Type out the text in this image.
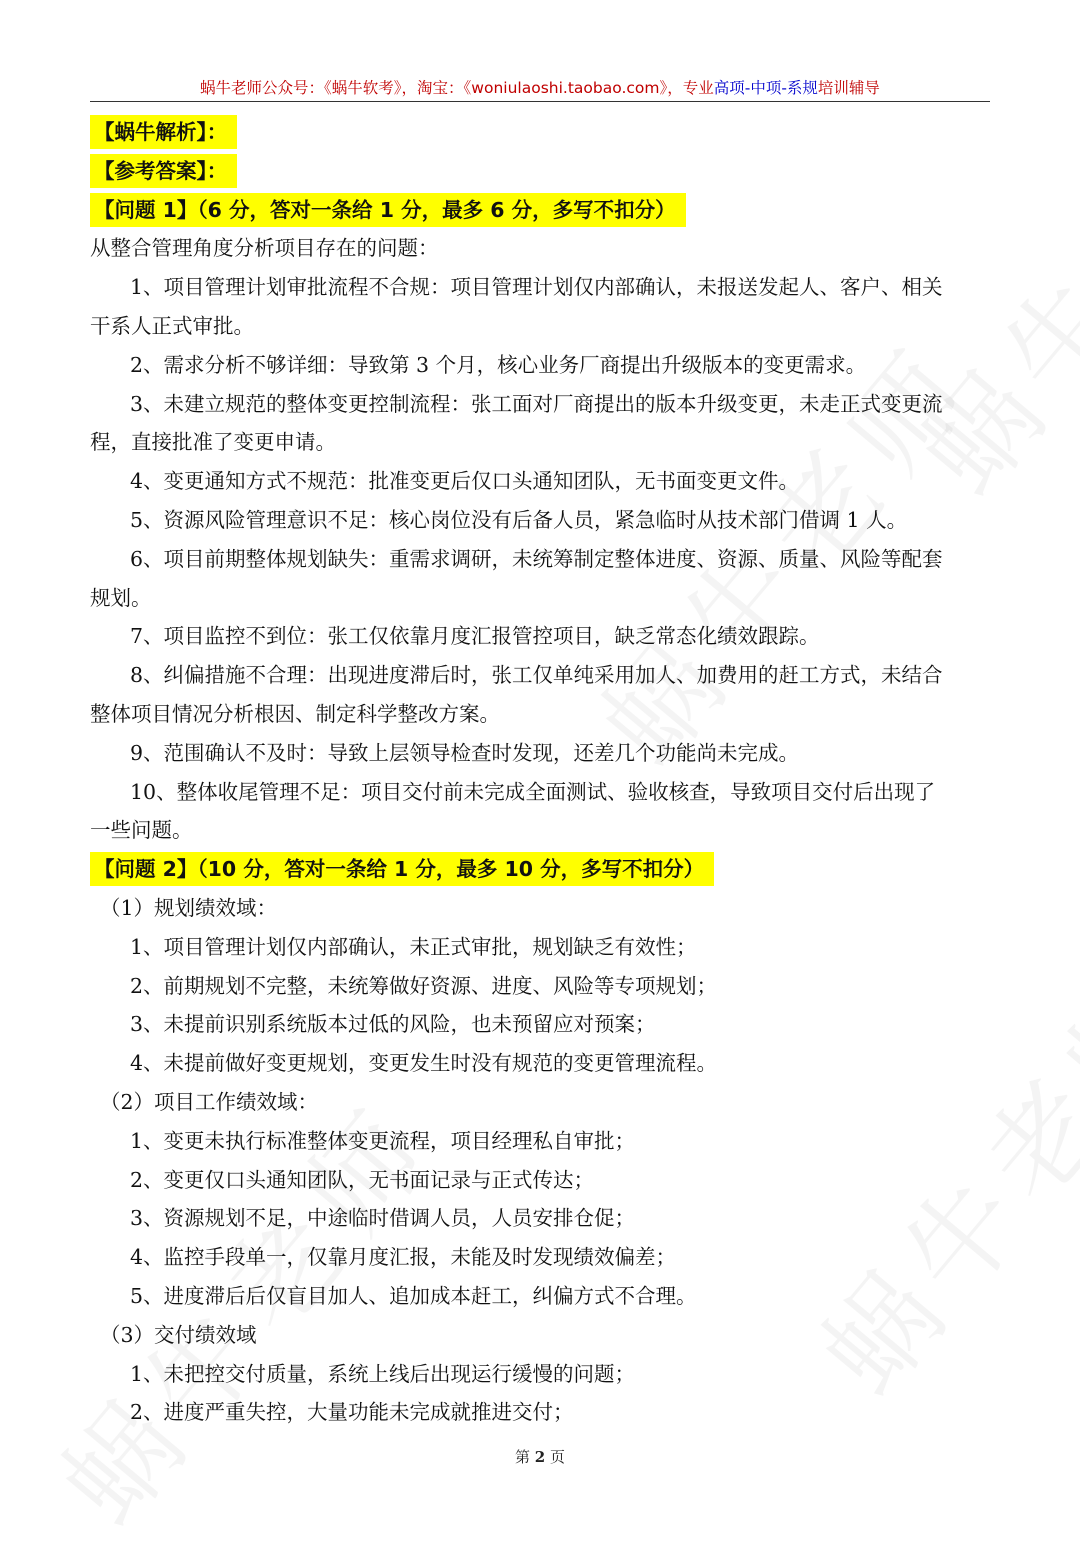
蜗牛老师公众号：《蜗牛软考》，淘宝：《woniulaoshi.taobao.com》，专业高项-中项-系规培训辅导
【蜗牛解析】：
【参考答案】：
【问题 1】（6 分，答对一条给 1 分，最多 6 分，多写不扣分）
从整合管理角度分析项目存在的问题：
1、项目管理计划审批流程不合规：项目管理计划仅内部确认，未报送发起人、客户、相关
干系人正式审批。
2、需求分析不够详细：导致第 3 个月，核心业务厂商提出升级版本的变更需求。
3、未建立规范的整体变更控制流程：张工面对厂商提出的版本升级变更，未走正式变更流
程，直接批准了变更申请。
4、变更通知方式不规范：批准变更后仅口头通知团队，无书面变更文件。
5、资源风险管理意识不足：核心岗位没有后备人员，紧急临时从技术部门借调 1 人。
6、项目前期整体规划缺失：重需求调研，未统筹制定整体进度、资源、质量、风险等配套
规划。
7、项目监控不到位：张工仅依靠月度汇报管控项目，缺乏常态化绩效跟踪。
8、纠偏措施不合理：出现进度滞后时，张工仅单纯采用加人、加费用的赶工方式，未结合
整体项目情况分析根因、制定科学整改方案。
9、范围确认不及时：导致上层领导检查时发现，还差几个功能尚未完成。
10、整体收尾管理不足：项目交付前未完成全面测试、验收核查，导致项目交付后出现了
一些问题。
【问题 2】（10 分，答对一条给 1 分，最多 10 分，多写不扣分）
（1）规划绩效域：
1、项目管理计划仅内部确认，未正式审批，规划缺乏有效性；
2、前期规划不完整，未统筹做好资源、进度、风险等专项规划；
3、未提前识别系统版本过低的风险，也未预留应对预案；
4、未提前做好变更规划，变更发生时没有规范的变更管理流程。
（2）项目工作绩效域：
1、变更未执行标准整体变更流程，项目经理私自审批；
2、变更仅口头通知团队，无书面记录与正式传达；
3、资源规划不足，中途临时借调人员，人员安排仓促；
4、监控手段单一，仅靠月度汇报，未能及时发现绩效偏差；
5、进度滞后后仅盲目加人、追加成本赶工，纠偏方式不合理。
（3）交付绩效域
1、未把控交付质量，系统上线后出现运行缓慢的问题；
2、进度严重失控，大量功能未完成就推进交付；
第 2 页
